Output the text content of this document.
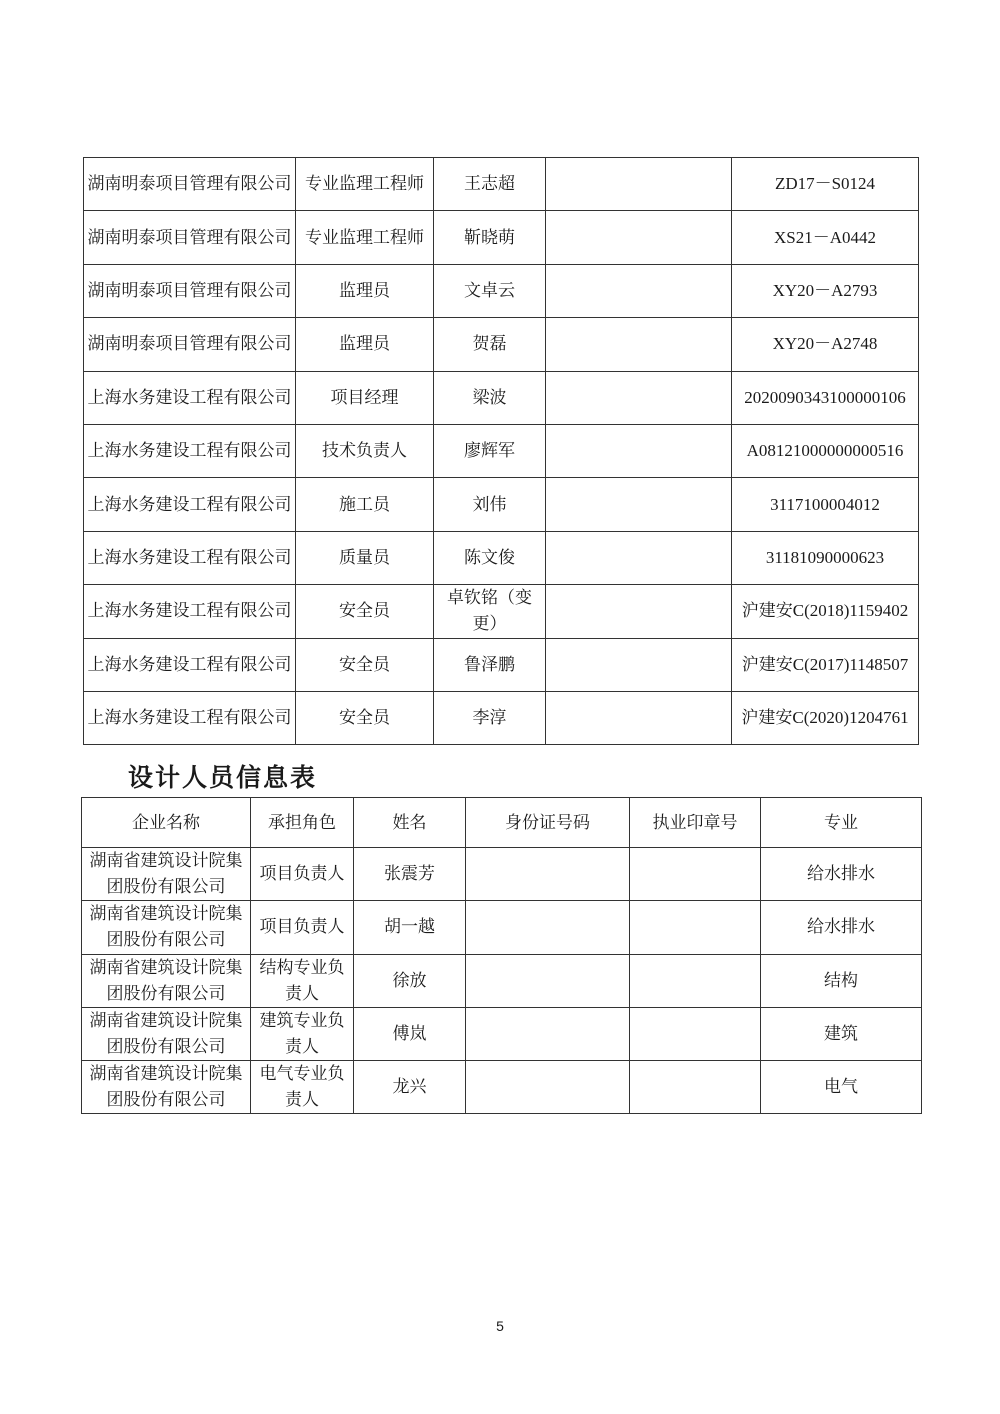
湖南明泰项目管理有限公司	专业监理工程师	王志超		ZD17－S0124
湖南明泰项目管理有限公司	专业监理工程师	靳晓萌		XS21－A0442
湖南明泰项目管理有限公司	监理员	文卓云		XY20－A2793
湖南明泰项目管理有限公司	监理员	贺磊		XY20－A2748
上海水务建设工程有限公司	项目经理	梁波		2020090343100000106
上海水务建设工程有限公司	技术负责人	廖辉军		A08121000000000516
上海水务建设工程有限公司	施工员	刘伟		3117100004012
上海水务建设工程有限公司	质量员	陈文俊		31181090000623
上海水务建设工程有限公司	安全员	卓钦铭（变更）		沪建安C(2018)1159402
上海水务建设工程有限公司	安全员	鲁泽鹏		沪建安C(2017)1148507
上海水务建设工程有限公司	安全员	李淳		沪建安C(2020)1204761
设计人员信息表
企业名称	承担角色	姓名	身份证号码	执业印章号	专业
湖南省建筑设计院集团股份有限公司	项目负责人	张震芳			给水排水
湖南省建筑设计院集团股份有限公司	项目负责人	胡一越			给水排水
湖南省建筑设计院集团股份有限公司	结构专业负责人	徐放			结构
湖南省建筑设计院集团股份有限公司	建筑专业负责人	傅岚			建筑
湖南省建筑设计院集团股份有限公司	电气专业负责人	龙兴			电气
5
